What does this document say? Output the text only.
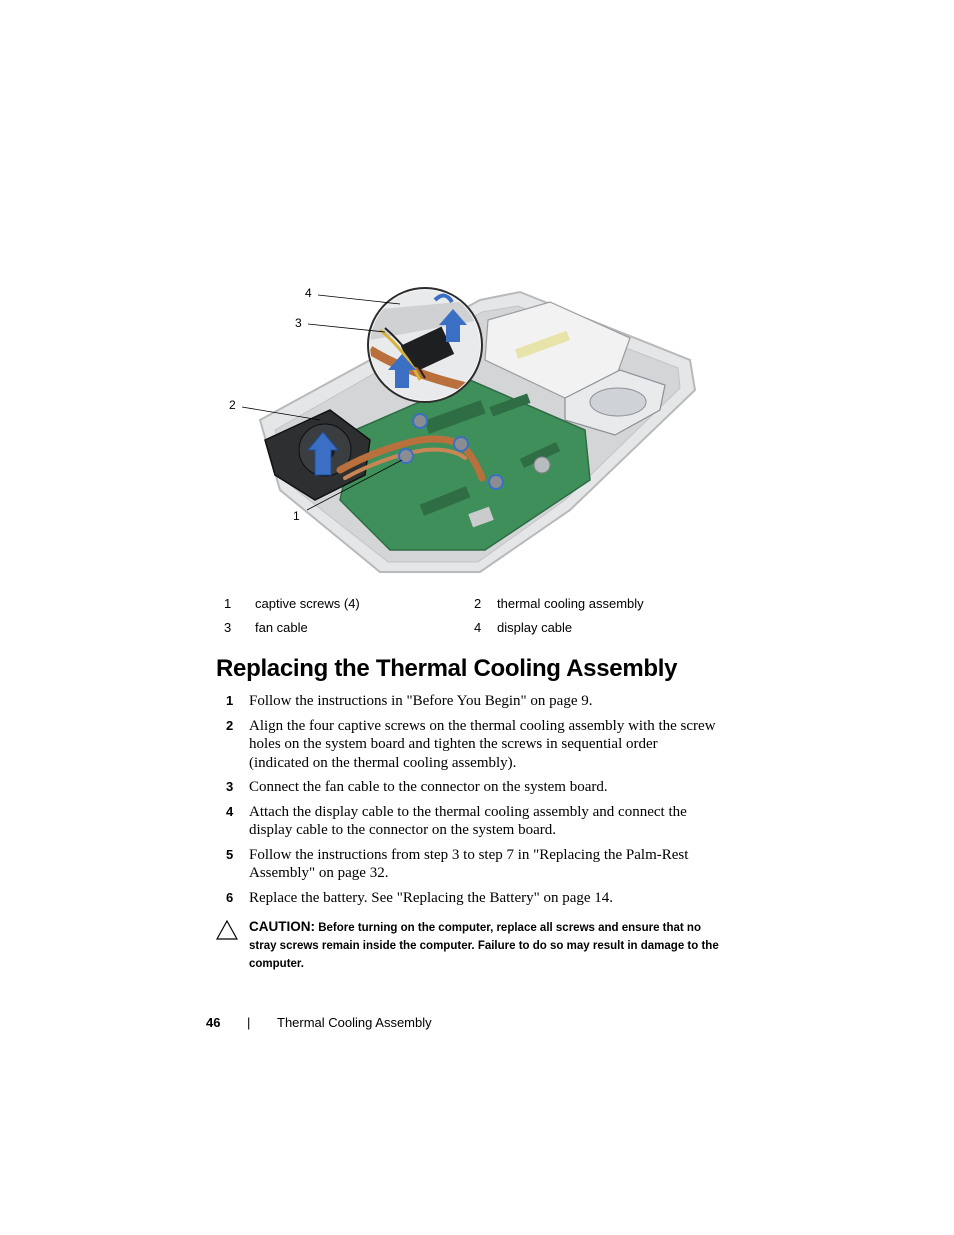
4
3
2
1
1	captive screws (4)	2	thermal cooling assembly
3	fan cable	4	display cable
Replacing the Thermal Cooling Assembly
1 Follow the instructions in "Before You Begin" on page 9.
2 Align the four captive screws on the thermal cooling assembly with the screw holes on the system board and tighten the screws in sequential order (indicated on the thermal cooling assembly).
3 Connect the fan cable to the connector on the system board.
4 Attach the display cable to the thermal cooling assembly and connect the display cable to the connector on the system board.
5 Follow the instructions from step 3 to step 7 in "Replacing the Palm-Rest Assembly" on page 32.
6 Replace the battery. See "Replacing the Battery" on page 14.
CAUTION: Before turning on the computer, replace all screws and ensure that no stray screws remain inside the computer. Failure to do so may result in damage to the computer.
46 | Thermal Cooling Assembly
